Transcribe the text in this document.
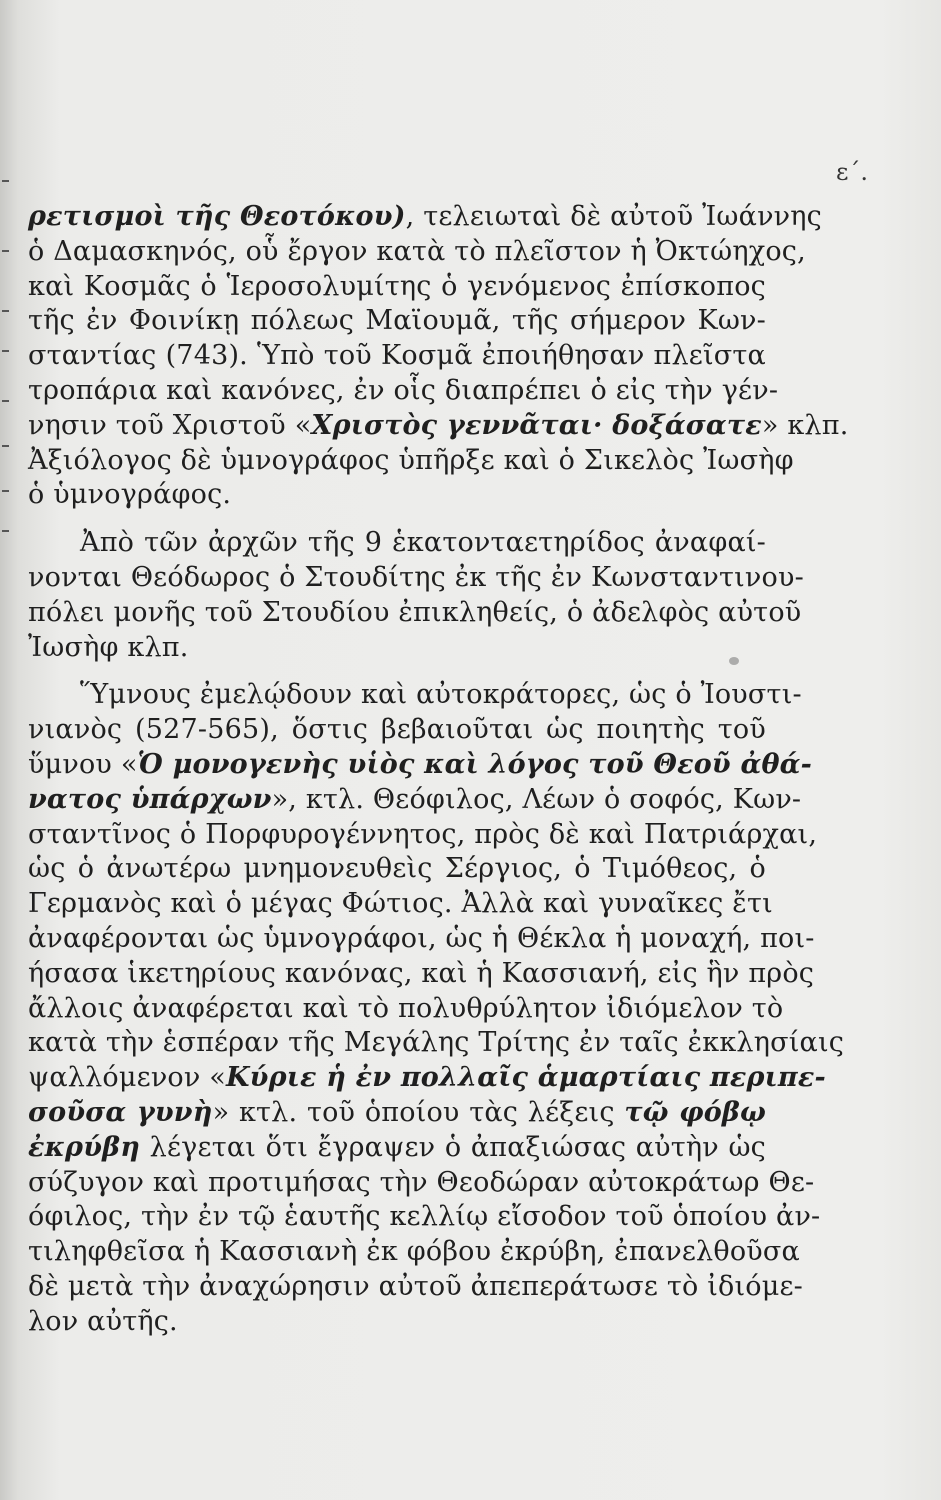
ε΄.
ρετισμοὶ τῆς Θεοτόκου), τελειωταὶ δὲ αὐτοῦ Ἰωάννης
ὁ Δαμασκηνός, οὗ ἔργον κατὰ τὸ πλεῖστον ἡ Ὀκτώηχος,
καὶ Κοσμᾶς ὁ Ἱεροσολυμίτης ὁ γενόμενος ἐπίσκοπος
τῆς ἐν Φοινίκῃ πόλεως Μαϊουμᾶ, τῆς σήμερον Κων-
σταντίας (743). Ὑπὸ τοῦ Κοσμᾶ ἐποιήθησαν πλεῖστα
τροπάρια καὶ κανόνες, ἐν οἷς διαπρέπει ὁ εἰς τὴν γέν-
νησιν τοῦ Χριστοῦ «Χριστὸς γεννᾶται· δοξάσατε» κλπ.
Ἀξιόλογος δὲ ὑμνογράφος ὑπῆρξε καὶ ὁ Σικελὸς Ἰωσὴφ
ὁ ὑμνογράφος.
Ἀπὸ τῶν ἀρχῶν τῆς 9 ἑκατονταετηρίδος ἀναφαί-
νονται Θεόδωρος ὁ Στουδίτης ἐκ τῆς ἐν Κωνσταντινου-
πόλει μονῆς τοῦ Στουδίου ἐπικληθείς, ὁ ἀδελφὸς αὐτοῦ
Ἰωσὴφ κλπ.
Ὕμνους ἐμελῴδουν καὶ αὐτοκράτορες, ὡς ὁ Ἰουστι-
νιανὸς (527-565), ὅστις βεβαιοῦται ὡς ποιητὴς τοῦ
ὕμνου «Ὁ μονογενὴς υἱὸς καὶ λόγος τοῦ Θεοῦ ἀθά-
νατος ὑπάρχων», κτλ. Θεόφιλος, Λέων ὁ σοφός, Κων-
σταντῖνος ὁ Πορφυρογέννητος, πρὸς δὲ καὶ Πατριάρχαι,
ὡς ὁ ἀνωτέρω μνημονευθεὶς Σέργιος, ὁ Τιμόθεος, ὁ
Γερμανὸς καὶ ὁ μέγας Φώτιος. Ἀλλὰ καὶ γυναῖκες ἔτι
ἀναφέρονται ὡς ὑμνογράφοι, ὡς ἡ Θέκλα ἡ μοναχή, ποι-
ήσασα ἱκετηρίους κανόνας, καὶ ἡ Κασσιανή, εἰς ἣν πρὸς
ἄλλοις ἀναφέρεται καὶ τὸ πολυθρύλητον ἰδιόμελον τὸ
κατὰ τὴν ἑσπέραν τῆς Μεγάλης Τρίτης ἐν ταῖς ἐκκλησίαις
ψαλλόμενον «Κύριε ἡ ἐν πολλαῖς ἁμαρτίαις περιπε-
σοῦσα γυνὴ» κτλ. τοῦ ὁποίου τὰς λέξεις τῷ φόβῳ
ἐκρύβη λέγεται ὅτι ἔγραψεν ὁ ἀπαξιώσας αὐτὴν ὡς
σύζυγον καὶ προτιμήσας τὴν Θεοδώραν αὐτοκράτωρ Θε-
όφιλος, τὴν ἐν τῷ ἑαυτῆς κελλίῳ εἴσοδον τοῦ ὁποίου ἀν-
τιληφθεῖσα ἡ Κασσιανὴ ἐκ φόβου ἐκρύβη, ἐπανελθοῦσα
δὲ μετὰ τὴν ἀναχώρησιν αὐτοῦ ἀπεπεράτωσε τὸ ἰδιόμε-
λον αὐτῆς.
